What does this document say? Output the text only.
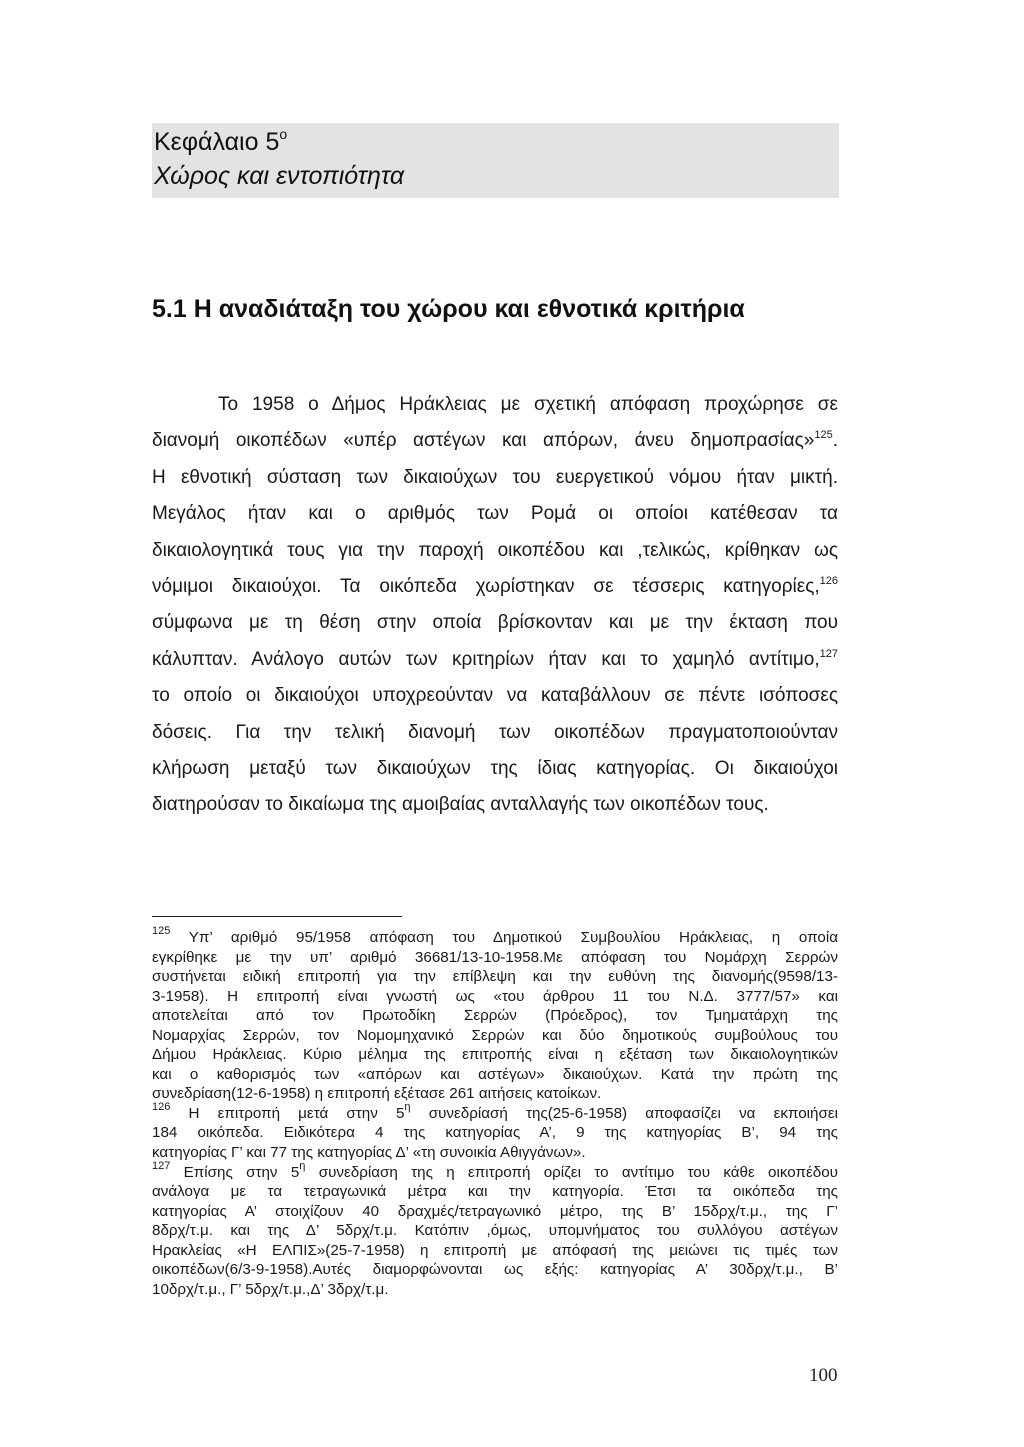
Κεφάλαιο $5^o$
Χώρος και εντοπιότητα
5.1 Η αναδιάταξη του χώρου και εθνοτικά κριτήρια
Το 1958 ο Δήμος Ηράκλειας με σχετική απόφαση προχώρησε σε
διανομή οικοπέδων «υπέρ αστέγων και απόρων, άνευ δημοπρασίας»$^{125}$.
Η εθνοτική σύσταση των δικαιούχων του ευεργετικού νόμου ήταν μικτή.
Μεγάλος ήταν και ο αριθμός των Ρομά οι οποίοι κατέθεσαν τα
δικαιολογητικά τους για την παροχή οικοπέδου και ,τελικώς, κρίθηκαν ως
νόμιμοι δικαιούχοι. Τα οικόπεδα χωρίστηκαν σε τέσσερις κατηγορίες,$^{126}$
σύμφωνα με τη θέση στην οποία βρίσκονταν και με την έκταση που
κάλυπταν. Ανάλογο αυτών των κριτηρίων ήταν και το χαμηλό αντίτιμο,$^{127}$
το οποίο οι δικαιούχοι υποχρεούνταν να καταβάλλουν σε πέντε ισόποσες
δόσεις. Για την τελική διανομή των οικοπέδων πραγματοποιούνταν
κλήρωση μεταξύ των δικαιούχων της ίδιας κατηγορίας. Οι δικαιούχοι
διατηρούσαν το δικαίωμα της αμοιβαίας ανταλλαγής των οικοπέδων τους.
$^{125}$ Υπ’ αριθμό 95/1958 απόφαση του Δημοτικού Συμβουλίου Ηράκλειας, η οποία
εγκρίθηκε με την υπ’ αριθμό 36681/13-10-1958.Με απόφαση του Νομάρχη Σερρών
συστήνεται ειδική επιτροπή για την επίβλεψη και την ευθύνη της διανομής(9598/13-
3-1958). Η επιτροπή είναι γνωστή ως «του άρθρου 11 του Ν.Δ. 3777/57» και
αποτελείται από τον Πρωτοδίκη Σερρών (Πρόεδρος), τον Τμηματάρχη της
Νομαρχίας Σερρών, τον Νομομηχανικό Σερρών και δύο δημοτικούς συμβούλους του
Δήμου Ηράκλειας. Κύριο μέλημα της επιτροπής είναι η εξέταση των δικαιολογητικών
και ο καθορισμός των «απόρων και αστέγων» δικαιούχων. Κατά την πρώτη της
συνεδρίαση(12-6-1958) η επιτροπή εξέτασε 261 αιτήσεις κατοίκων.
$^{126}$ Η επιτροπή μετά στην $5^\eta$ συνεδρίασή της(25-6-1958) αποφασίζει να εκποιήσει
184 οικόπεδα. Ειδικότερα 4 της κατηγορίας Α’, 9 της κατηγορίας Β’, 94 της
κατηγορίας Γ’ και 77 της κατηγορίας Δ’ «τη συνοικία Αθιγγάνων».
$^{127}$ Επίσης στην $5^\eta$ συνεδρίαση της η επιτροπή ορίζει το αντίτιμο του κάθε οικοπέδου
ανάλογα με τα τετραγωνικά μέτρα και την κατηγορία. Έτσι τα οικόπεδα της
κατηγορίας Α’ στοιχίζουν 40 δραχμές/τετραγωνικό μέτρο, της Β’ 15δρχ/τ.μ., της Γ’
8δρχ/τ.μ. και της Δ’ 5δρχ/τ.μ. Κατόπιν ,όμως, υπομνήματος του συλλόγου αστέγων
Ηρακλείας «Η ΕΛΠΙΣ»(25-7-1958) η επιτροπή με απόφασή της μειώνει τις τιμές των
οικοπέδων(6/3-9-1958).Αυτές διαμορφώνονται ως εξής: κατηγορίας Α’ 30δρχ/τ.μ., Β’
10δρχ/τ.μ., Γ’ 5δρχ/τ.μ.,Δ’ 3δρχ/τ.μ.
100
